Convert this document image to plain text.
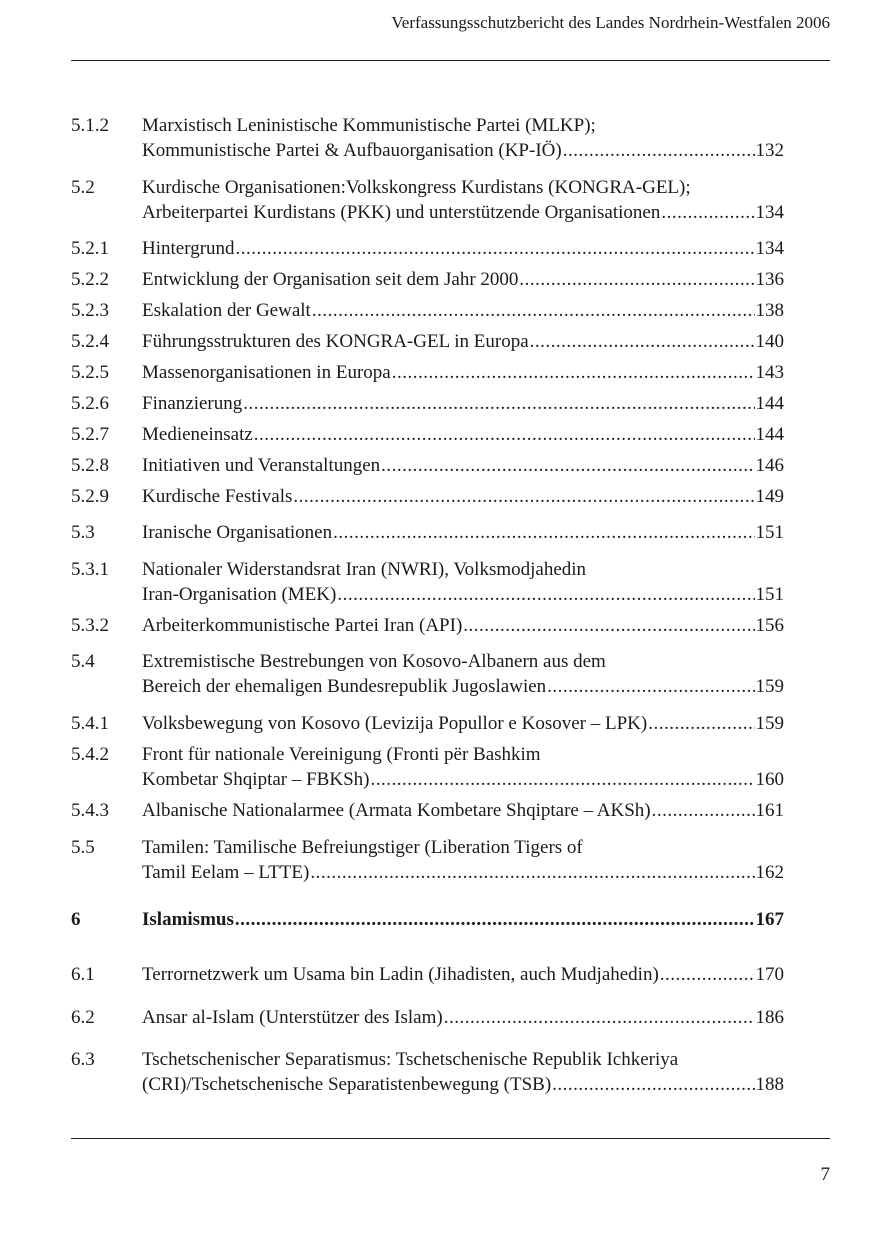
Verfassungsschutzbericht des Landes Nordrhein-Westfalen 2006
5.1.2 Marxistisch Leninistische Kommunistische Partei (MLKP);
Kommunistische Partei & Aufbauorganisation (KP-IÖ) .....	132
5.2 Kurdische Organisationen:Volkskongress Kurdistans (KONGRA-GEL);
Arbeiterpartei Kurdistans (PKK) und unterstützende Organisationen .....	134
5.2.1 Hintergrund .....	134
5.2.2 Entwicklung der Organisation seit dem Jahr 2000 .....	136
5.2.3 Eskalation der Gewalt .....	138
5.2.4 Führungsstrukturen des KONGRA-GEL in Europa .....	140
5.2.5 Massenorganisationen in Europa .....	143
5.2.6 Finanzierung .....	144
5.2.7 Medieneinsatz .....	144
5.2.8 Initiativen und Veranstaltungen .....	146
5.2.9 Kurdische Festivals .....	149
5.3 Iranische Organisationen .....	151
5.3.1 Nationaler Widerstandsrat Iran (NWRI), Volksmodjahedin
Iran-Organisation (MEK) .....	151
5.3.2 Arbeiterkommunistische Partei Iran (API) .....	156
5.4 Extremistische Bestrebungen von Kosovo-Albanern aus dem
Bereich der ehemaligen Bundesrepublik Jugoslawien .....	159
5.4.1 Volksbewegung von Kosovo (Levizija Popullor e Kosover – LPK) .....	159
5.4.2 Front für nationale Vereinigung (Fronti për Bashkim
Kombetar Shqiptar – FBKSh) .....	160
5.4.3 Albanische Nationalarmee (Armata Kombetare Shqiptare – AKSh) .....	161
5.5 Tamilen: Tamilische Befreiungstiger (Liberation Tigers of
Tamil Eelam – LTTE) .....	162
6	Islamismus .....	167
6.1 Terrornetzwerk um Usama bin Ladin (Jihadisten, auch Mudjahedin) .....	170
6.2 Ansar al-Islam (Unterstützer des Islam) .....	186
6.3 Tschetschenischer Separatismus: Tschetschenische Republik Ichkeriya
(CRI)/Tschetschenische Separatistenbewegung (TSB) .....	188
7
